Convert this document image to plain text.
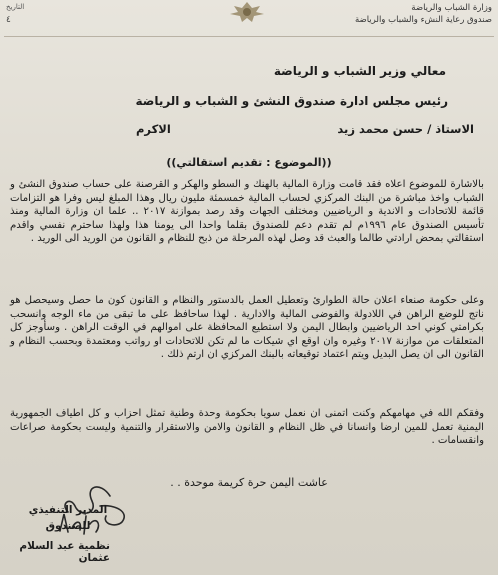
وزارة الشباب والرياضة
صندوق رعاية النشء والشباب والرياضة
التاريخ
٤
معالي وزير الشباب و الرياضة
رئيس مجلس ادارة صندوق النشئ و الشباب و الرياضة
الاستاذ / حسن محمد زيد
الاكرم
((الموضوع : تقديم استقالتي))
بالاشارة للموضوع اعلاه فقد قامت وزارة المالية بالهنك و السطو والهكر و القرصنة على حساب صندوق النشئ و الشباب واخذ مباشرة من البنك المركزي لحساب المالية خمسمئة مليون ريال وهذا المبلغ ليس وفرا هو التزامات قائمة للاتحادات و الاندية و الرياضيين ومختلف الجهات وقد رصد بموازنة ٢٠١٧ .. علما ان وزارة المالية ومنذ تأسيس الصندوق عام ١٩٩٦م لم تقدم دعم للصندوق بقلما واحدا الى يومنا هذا ولهذا ساحترم نفسي واقدم استقالتي بمحض ارادتي طالما والعبث قد وصل لهذه المرحلة من ذبح للنظام و القانون من الوريد الى الوريد .
وعلى حكومة صنعاء اعلان حالة الطوارئ وتعطيل العمل بالدستور والنظام و القانون كون ما حصل وسيحصل هو ناتج للوضع الراهن في اللادولة والفوضى المالية والادارية . لهذا ساحافظ على ما تبقى من ماء الوجه وانسحب بكرامتي كوني احد الرياضيين وابطال اليمن ولا استطيع المحافظة على اموالهم في الوقت الراهن . وسأوجز كل المتعلقات من موازنة ٢٠١٧ وغيره وان اوقع اي شيكات ما لم تكن للاتحادات او رواتب ومعتمدة وبحسب النظام و القانون الى ان يصل البديل ويتم اعتماد توقيعاته بالبنك المركزي ان ارتم ذلك .
وفقكم الله في مهامهكم وكنت اتمنى ان نعمل سويا بحكومة وحدة وطنية تمثل احزاب و كل اطياف الجمهورية اليمنية تعمل للمين ارضا وانسانا في ظل النظام و القانون والامن والاستقرار والتنمية وليست بحكومة صراعات وانقسامات .
عاشت اليمن حرة كريمة موحدة . .
المدير التنفيذي
للصندوق
نظمية عبد السلام عثمان
